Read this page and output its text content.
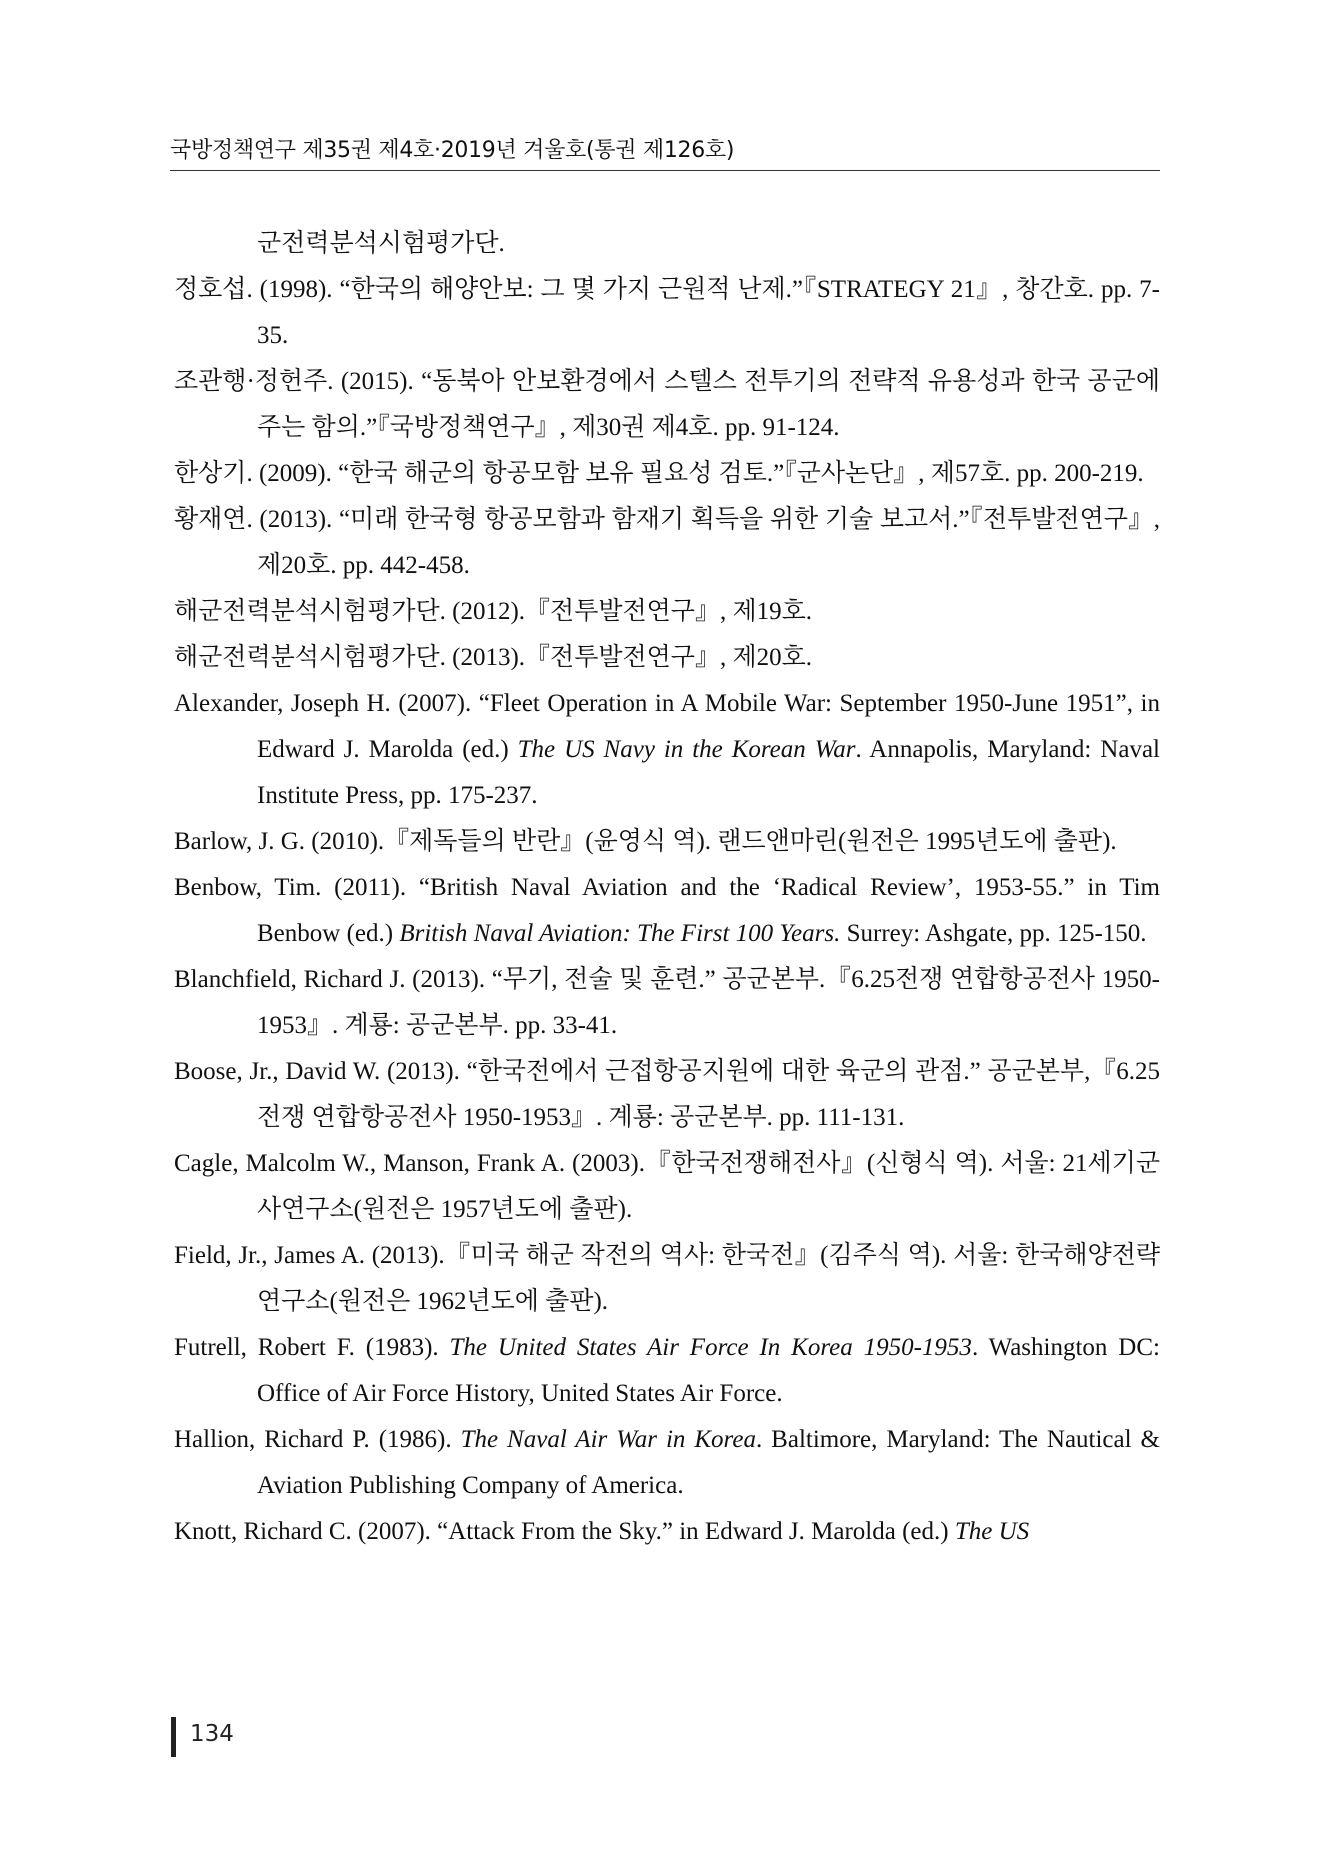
국방정책연구 제35권 제4호·2019년 겨울호(통권 제126호)
군전력분석시험평가단.
정호섭. (1998). “한국의 해양안보: 그 몇 가지 근원적 난제.”『STRATEGY 21』, 창간호. pp. 7-35.
조관행·정헌주. (2015). “동북아 안보환경에서 스텔스 전투기의 전략적 유용성과 한국 공군에 주는 함의.”『국방정책연구』, 제30권 제4호. pp. 91-124.
한상기. (2009). “한국 해군의 항공모함 보유 필요성 검토.”『군사논단』, 제57호. pp. 200-219.
황재연. (2013). “미래 한국형 항공모함과 함재기 획득을 위한 기술 보고서.”『전투발전연구』, 제20호. pp. 442-458.
해군전력분석시험평가단. (2012).『전투발전연구』, 제19호.
해군전력분석시험평가단. (2013).『전투발전연구』, 제20호.
Alexander, Joseph H. (2007). “Fleet Operation in A Mobile War: September 1950-June 1951”, in Edward J. Marolda (ed.) The US Navy in the Korean War. Annapolis, Maryland: Naval Institute Press, pp. 175-237.
Barlow, J. G. (2010).『제독들의 반란』(윤영식 역). 랜드앤마린(원전은 1995년도에 출판).
Benbow, Tim. (2011). “British Naval Aviation and the ‘Radical Review’, 1953-55.” in Tim Benbow (ed.) British Naval Aviation: The First 100 Years. Surrey: Ashgate, pp. 125-150.
Blanchfield, Richard J. (2013). “무기, 전술 및 훈련.” 공군본부.『6.25전쟁 연합항공전사 1950-1953』. 계룡: 공군본부. pp. 33-41.
Boose, Jr., David W. (2013). “한국전에서 근접항공지원에 대한 육군의 관점.” 공군본부,『6.25전쟁 연합항공전사 1950-1953』. 계룡: 공군본부. pp. 111-131.
Cagle, Malcolm W., Manson, Frank A. (2003).『한국전쟁해전사』(신형식 역). 서울: 21세기군사연구소(원전은 1957년도에 출판).
Field, Jr., James A. (2013).『미국 해군 작전의 역사: 한국전』(김주식 역). 서울: 한국해양전략연구소(원전은 1962년도에 출판).
Futrell, Robert F. (1983). The United States Air Force In Korea 1950-1953. Washington DC: Office of Air Force History, United States Air Force.
Hallion, Richard P. (1986). The Naval Air War in Korea. Baltimore, Maryland: The Nautical & Aviation Publishing Company of America.
Knott, Richard C. (2007). “Attack From the Sky.” in Edward J. Marolda (ed.) The US
134
